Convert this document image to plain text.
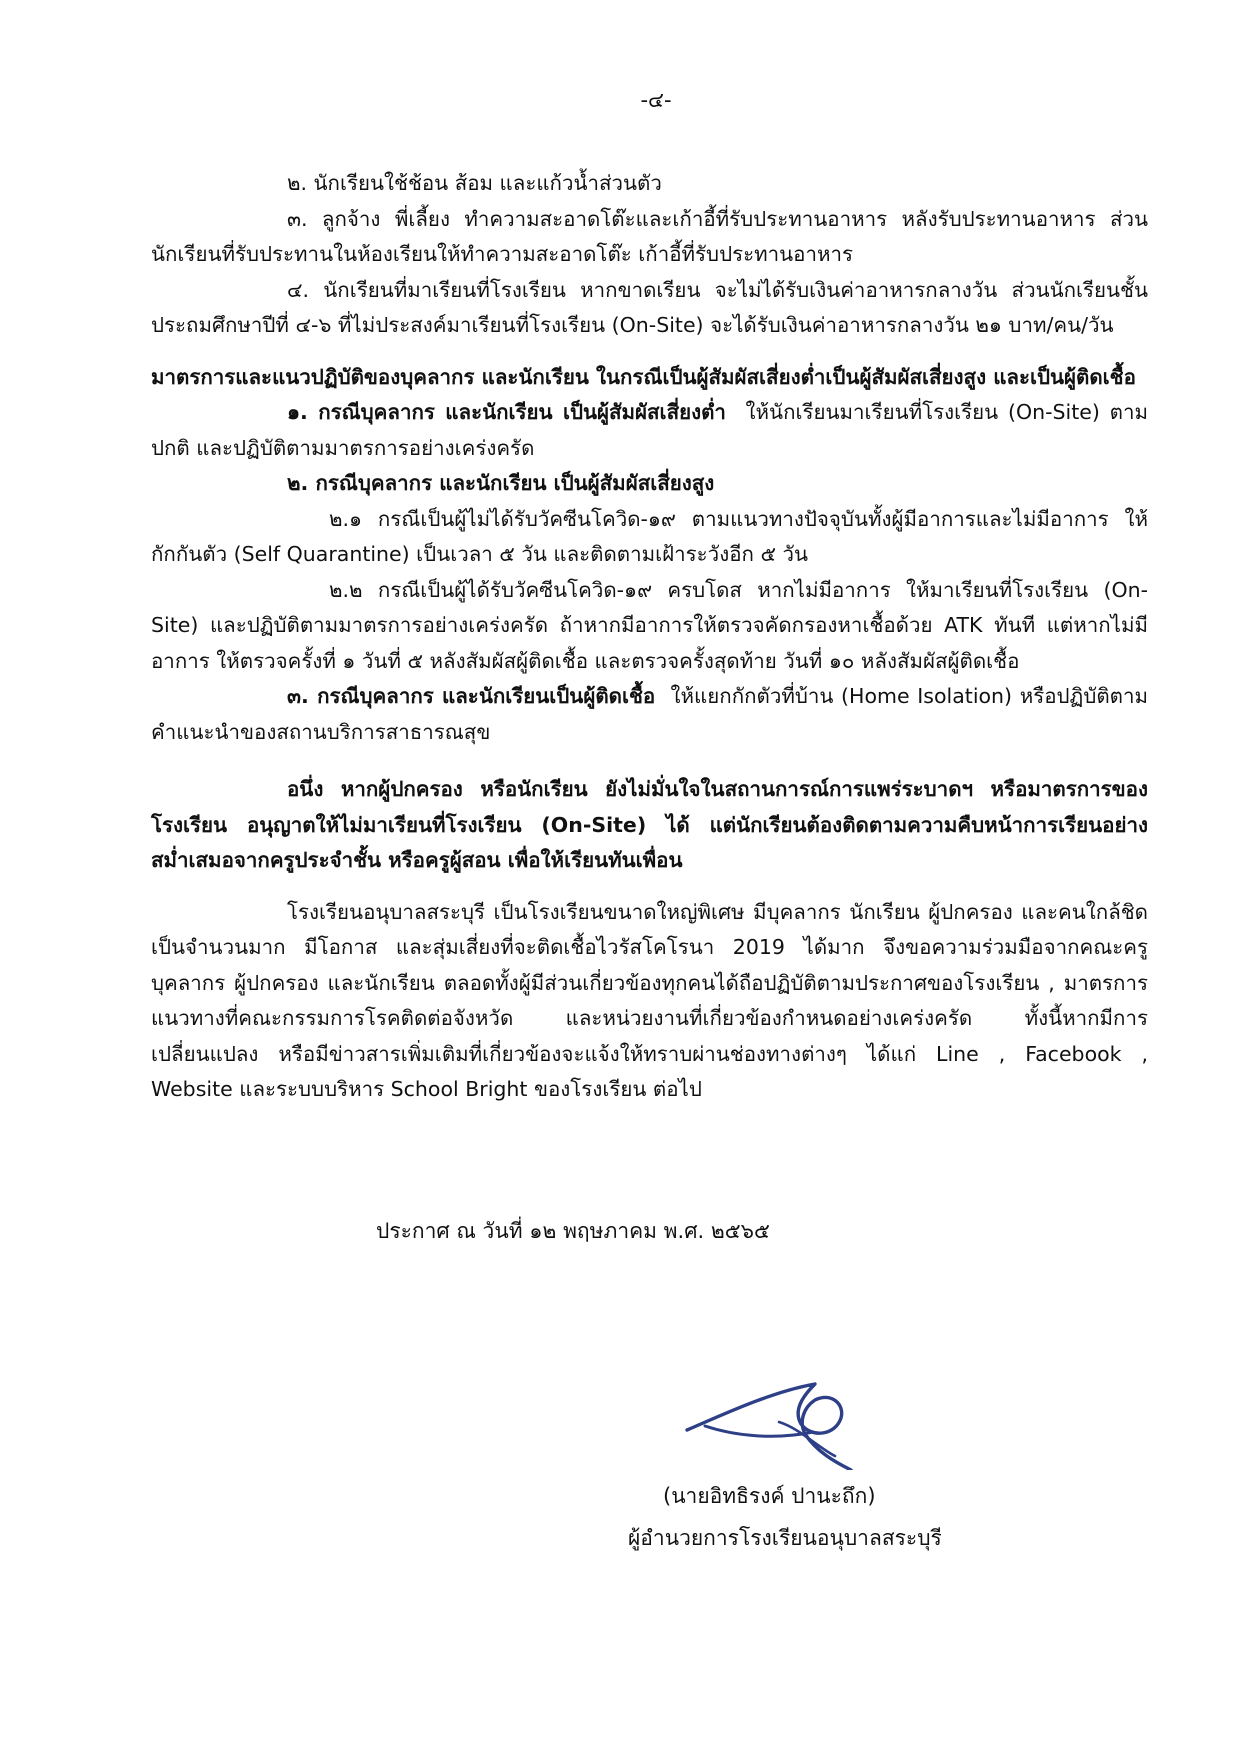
-๔-

๒. นักเรียนใช้ช้อน ส้อม และแก้วน้ำส่วนตัว

๓. ลูกจ้าง พี่เลี้ยง ทำความสะอาดโต๊ะและเก้าอี้ที่รับประทานอาหาร หลังรับประทานอาหาร ส่วนนักเรียนที่รับประทานในห้องเรียนให้ทำความสะอาดโต๊ะ เก้าอี้ที่รับประทานอาหาร

๔. นักเรียนที่มาเรียนที่โรงเรียน หากขาดเรียน จะไม่ได้รับเงินค่าอาหารกลางวัน ส่วนนักเรียนชั้นประถมศึกษาปีที่ ๔-๖ ที่ไม่ประสงค์มาเรียนที่โรงเรียน (On-Site) จะได้รับเงินค่าอาหารกลางวัน ๒๑ บาท/คน/วัน

มาตรการและแนวปฏิบัติของบุคลากร และนักเรียน ในกรณีเป็นผู้สัมผัสเสี่ยงต่ำเป็นผู้สัมผัสเสี่ยงสูง และเป็นผู้ติดเชื้อ

๑. กรณีบุคลากร และนักเรียน เป็นผู้สัมผัสเสี่ยงต่ำ ให้นักเรียนมาเรียนที่โรงเรียน (On-Site) ตามปกติ และปฏิบัติตามมาตรการอย่างเคร่งครัด

๒. กรณีบุคลากร และนักเรียน เป็นผู้สัมผัสเสี่ยงสูง

๒.๑ กรณีเป็นผู้ไม่ได้รับวัคซีนโควิด-๑๙ ตามแนวทางปัจจุบันทั้งผู้มีอาการและไม่มีอาการ ให้กักกันตัว (Self Quarantine) เป็นเวลา ๕ วัน และติดตามเฝ้าระวังอีก ๕ วัน

๒.๒ กรณีเป็นผู้ได้รับวัคซีนโควิด-๑๙ ครบโดส หากไม่มีอาการ ให้มาเรียนที่โรงเรียน (On-Site) และปฏิบัติตามมาตรการอย่างเคร่งครัด ถ้าหากมีอาการให้ตรวจคัดกรองหาเชื้อด้วย ATK ทันที แต่หากไม่มีอาการ ให้ตรวจครั้งที่ ๑ วันที่ ๕ หลังสัมผัสผู้ติดเชื้อ และตรวจครั้งสุดท้าย วันที่ ๑๐ หลังสัมผัสผู้ติดเชื้อ

๓. กรณีบุคลากร และนักเรียนเป็นผู้ติดเชื้อ ให้แยกกักตัวที่บ้าน (Home Isolation) หรือปฏิบัติตามคำแนะนำของสถานบริการสาธารณสุข

อนึ่ง หากผู้ปกครอง หรือนักเรียน ยังไม่มั่นใจในสถานการณ์การแพร่ระบาดฯ หรือมาตรการของโรงเรียน อนุญาตให้ไม่มาเรียนที่โรงเรียน (On-Site) ได้ แต่นักเรียนต้องติดตามความคืบหน้าการเรียนอย่างสม่ำเสมอจากครูประจำชั้น หรือครูผู้สอน เพื่อให้เรียนทันเพื่อน

โรงเรียนอนุบาลสระบุรี เป็นโรงเรียนขนาดใหญ่พิเศษ มีบุคลากร นักเรียน ผู้ปกครอง และคนใกล้ชิดเป็นจำนวนมาก มีโอกาส และสุ่มเสี่ยงที่จะติดเชื้อไวรัสโคโรนา 2019 ได้มาก จึงขอความร่วมมือจากคณะครู บุคลากร ผู้ปกครอง และนักเรียน ตลอดทั้งผู้มีส่วนเกี่ยวข้องทุกคนได้ถือปฏิบัติตามประกาศของโรงเรียน , มาตรการ แนวทางที่คณะกรรมการโรคติดต่อจังหวัด และหน่วยงานที่เกี่ยวข้องกำหนดอย่างเคร่งครัด ทั้งนี้หากมีการเปลี่ยนแปลง หรือมีข่าวสารเพิ่มเติมที่เกี่ยวข้องจะแจ้งให้ทราบผ่านช่องทางต่างๆ ได้แก่ Line , Facebook , Website และระบบบริหาร School Bright ของโรงเรียน ต่อไป

ประกาศ ณ วันที่ ๑๒ พฤษภาคม พ.ศ. ๒๕๖๕
(นายอิทธิรงค์ ปานะถึก)
ผู้อำนวยการโรงเรียนอนุบาลสระบุรี
